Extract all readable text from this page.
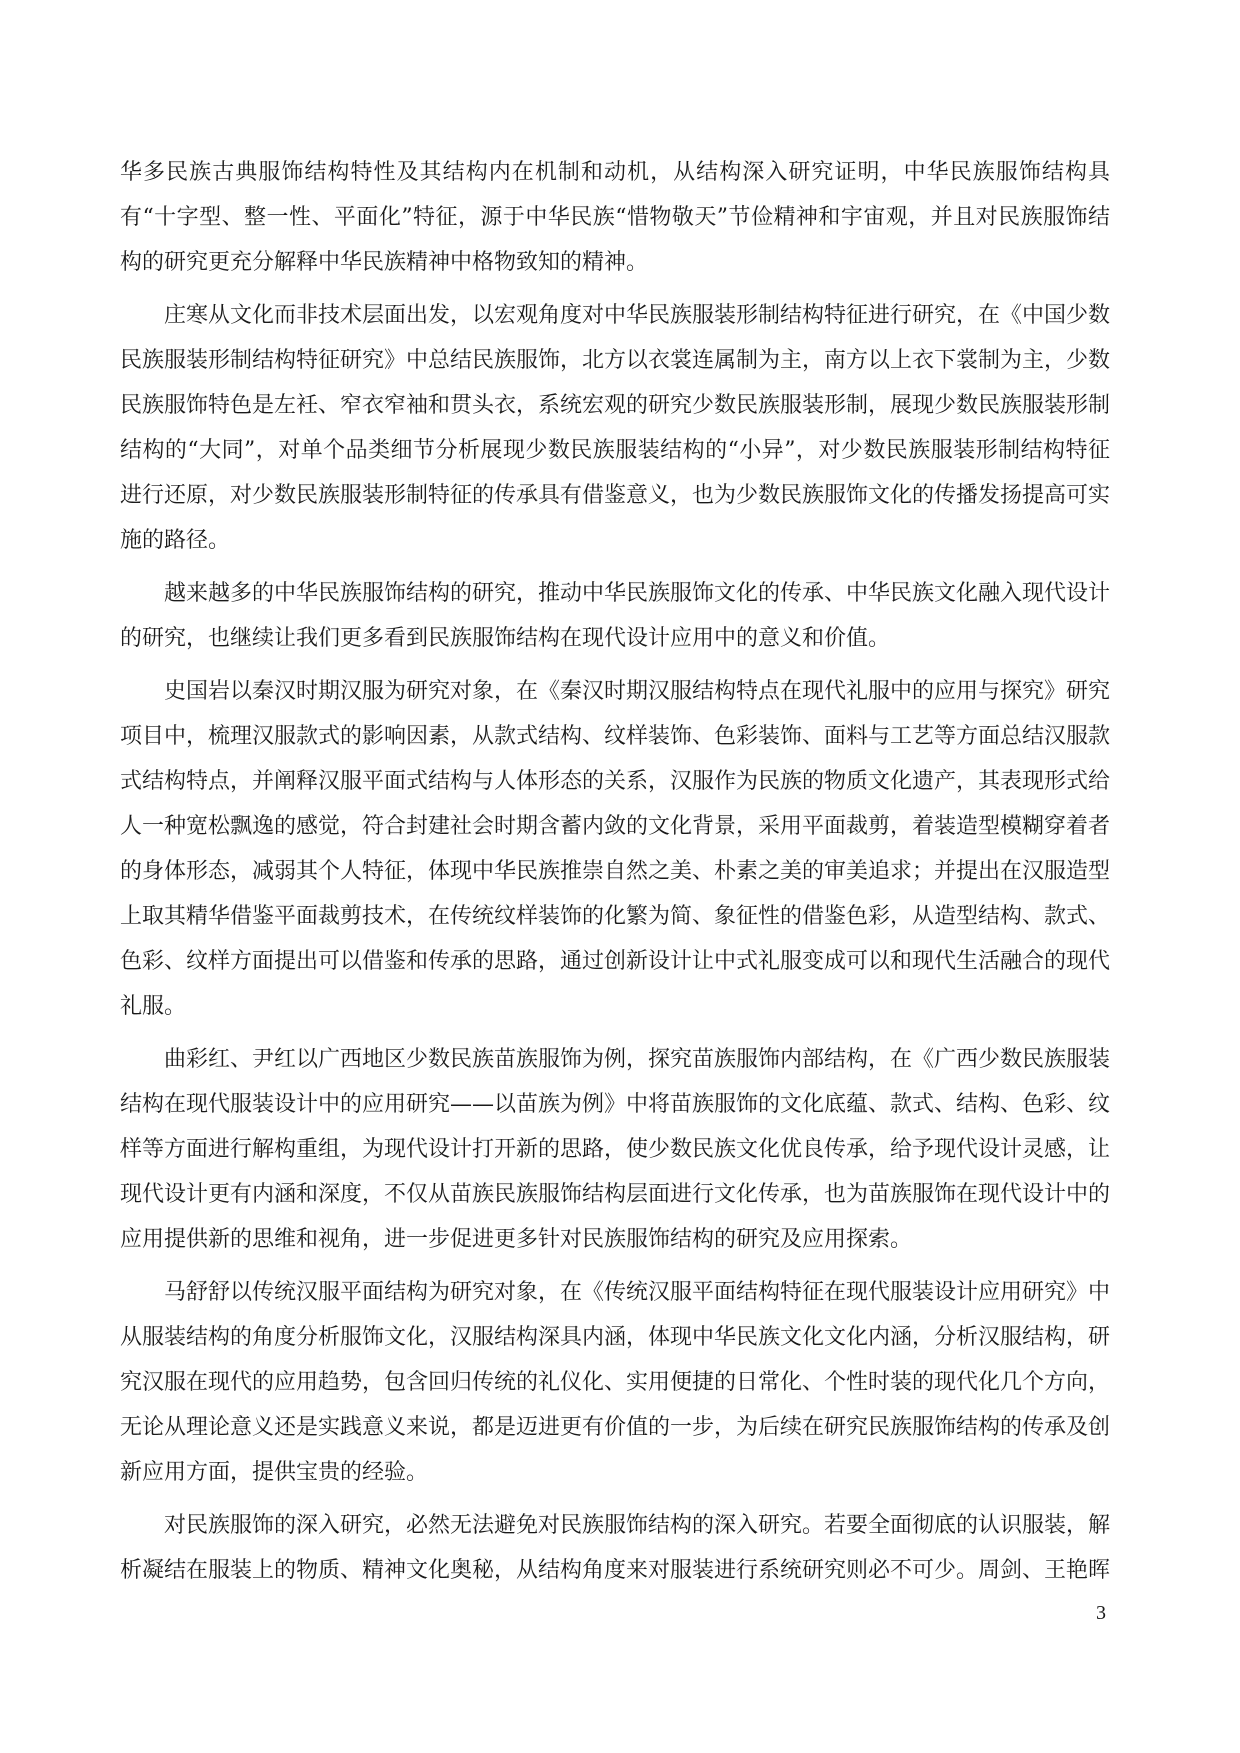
华多民族古典服饰结构特性及其结构内在机制和动机，从结构深入研究证明，中华民族服饰结构具有“十字型、整一性、平面化”特征，源于中华民族“惜物敬天”节俭精神和宇宙观，并且对民族服饰结构的研究更充分解释中华民族精神中格物致知的精神。

庄寒从文化而非技术层面出发，以宏观角度对中华民族服装形制结构特征进行研究，在《中国少数民族服装形制结构特征研究》中总结民族服饰，北方以衣裳连属制为主，南方以上衣下裳制为主，少数民族服饰特色是左衽、窄衣窄袖和贯头衣，系统宏观的研究少数民族服装形制，展现少数民族服装形制结构的“大同”，对单个品类细节分析展现少数民族服装结构的“小异”，对少数民族服装形制结构特征进行还原，对少数民族服装形制特征的传承具有借鉴意义，也为少数民族服饰文化的传播发扬提高可实施的路径。

越来越多的中华民族服饰结构的研究，推动中华民族服饰文化的传承、中华民族文化融入现代设计的研究，也继续让我们更多看到民族服饰结构在现代设计应用中的意义和价值。

史国岩以秦汉时期汉服为研究对象，在《秦汉时期汉服结构特点在现代礼服中的应用与探究》研究项目中，梳理汉服款式的影响因素，从款式结构、纹样装饰、色彩装饰、面料与工艺等方面总结汉服款式结构特点，并阐释汉服平面式结构与人体形态的关系，汉服作为民族的物质文化遗产，其表现形式给人一种宽松飘逸的感觉，符合封建社会时期含蓄内敛的文化背景，采用平面裁剪，着装造型模糊穿着者的身体形态，减弱其个人特征，体现中华民族推崇自然之美、朴素之美的审美追求；并提出在汉服造型上取其精华借鉴平面裁剪技术，在传统纹样装饰的化繁为简、象征性的借鉴色彩，从造型结构、款式、色彩、纹样方面提出可以借鉴和传承的思路，通过创新设计让中式礼服变成可以和现代生活融合的现代礼服。

曲彩红、尹红以广西地区少数民族苗族服饰为例，探究苗族服饰内部结构，在《广西少数民族服装结构在现代服装设计中的应用研究——以苗族为例》中将苗族服饰的文化底蕴、款式、结构、色彩、纹样等方面进行解构重组，为现代设计打开新的思路，使少数民族文化优良传承，给予现代设计灵感，让现代设计更有内涵和深度，不仅从苗族民族服饰结构层面进行文化传承，也为苗族服饰在现代设计中的应用提供新的思维和视角，进一步促进更多针对民族服饰结构的研究及应用探索。

马舒舒以传统汉服平面结构为研究对象，在《传统汉服平面结构特征在现代服装设计应用研究》中从服装结构的角度分析服饰文化，汉服结构深具内涵，体现中华民族文化文化内涵，分析汉服结构，研究汉服在现代的应用趋势，包含回归传统的礼仪化、实用便捷的日常化、个性时装的现代化几个方向，无论从理论意义还是实践意义来说，都是迈进更有价值的一步，为后续在研究民族服饰结构的传承及创新应用方面，提供宝贵的经验。

对民族服饰的深入研究，必然无法避免对民族服饰结构的深入研究。若要全面彻底的认识服装，解析凝结在服装上的物质、精神文化奥秘，从结构角度来对服装进行系统研究则必不可少。周剑、王艳晖

3
